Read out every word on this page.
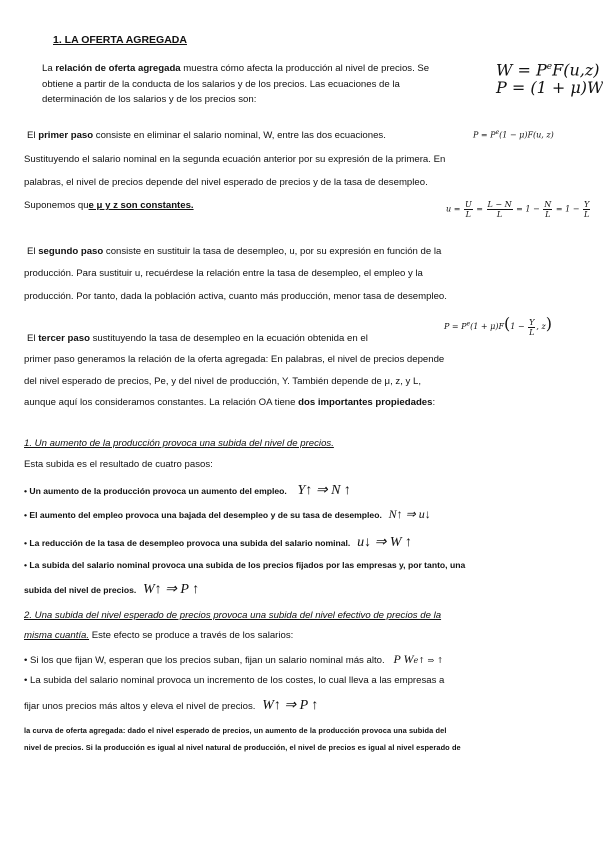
1. LA OFERTA AGREGADA
La relación de oferta agregada muestra cómo afecta la producción al nivel de precios. Se
obtiene a partir de la conducta de los salarios y de los precios. Las ecuaciones de la
determinación de los salarios y de los precios son:
$W = P^eF(u,z)$
P = (1 + μ)W
El primer paso consiste en eliminar el salario nominal, W, entre las dos ecuaciones.	$P = P^e(1 - \mu)F(u$, z)
Sustituyendo el salario nominal en la segunda ecuación anterior por su expresión de la primera. En
palabras, el nivel de precios depende del nivel esperado de precios y de la tasa de desempleo.
Suponemos que μ y z son constantes.	$u = \frac{U}{L} = \frac{L - N}{L} = 1 - \frac{N}{L} = 1 - \frac{Y}{L}$
El segundo paso consiste en sustituir la tasa de desempleo, u, por su expresión en función de la
producción. Para sustituir u, recuérdese la relación entre la tasa de desempleo, el empleo y la
producción. Por tanto, dada la población activa, cuanto más producción, menor tasa de desempleo.
El tercer paso sustituyendo la tasa de desempleo en la ecuación obtenida en el
$P = P^e(1 + \mu)F(1 - \frac{Y}{L}$ , z)
primer paso generamos la relación de la oferta agregada: En palabras, el nivel de precios depende
del nivel esperado de precios, Pe, y del nivel de producción, Y. También depende de μ, z, y L,
aunque aquí los consideramos constantes. La relación OA tiene dos importantes propiedades:
1. Un aumento de la producción provoca una subida del nivel de precios.
Esta subida es el resultado de cuatro pasos:
• Un aumento de la producción provoca un aumento del empleo. Y↑ ⇒ N ↑
• El aumento del empleo provoca una bajada del desempleo y de su tasa de desempleo. N↑ ⇒ u↓
• La reducción de la tasa de desempleo provoca una subida del salario nominal. u↓ ⇒ W ↑
• La subida del salario nominal provoca una subida de los precios fijados por las empresas y, por tanto, una
subida del nivel de precios. W↑ ⇒ P ↑
2. Una subida del nivel esperado de precios provoca una subida del nivel efectivo de precios de la
misma cuantía. Este efecto se produce a través de los salarios:
• Si los que fijan W, esperan que los precios suban, fijan un salario nominal más alto. P We↑ ⇒ ↑
• La subida del salario nominal provoca un incremento de los costes, lo cual lleva a las empresas a
fijar unos precios más altos y eleva el nivel de precios. W↑ ⇒ P ↑
la curva de oferta agregada: dado el nivel esperado de precios, un aumento de la producción provoca una subida del
nivel de precios. Si la producción es igual al nivel natural de producción, el nivel de precios es igual al nivel esperado de
